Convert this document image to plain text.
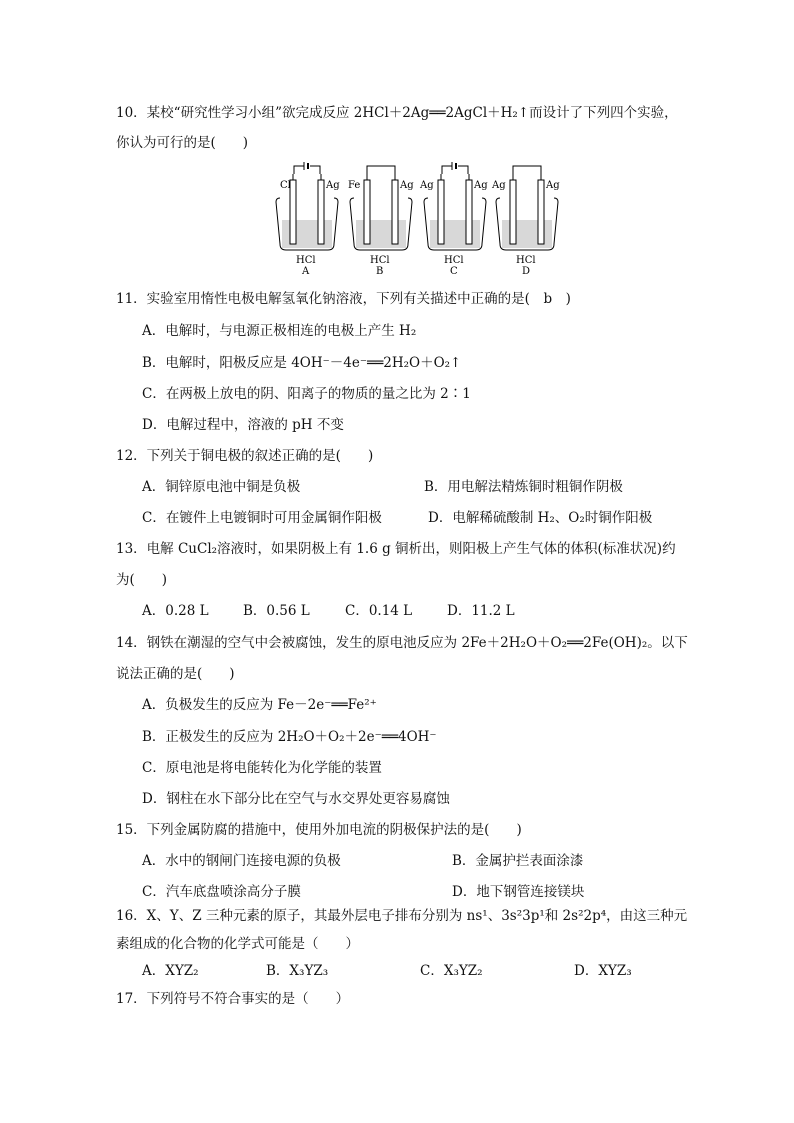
10．某校“研究性学习小组”欲完成反应 2HCl＋2Ag══2AgCl＋H₂↑而设计了下列四个实验，
你认为可行的是(　　)
Cl	Ag
HCl
A
Fe	Ag
HCl
B
Ag	Ag
HCl
C
Ag	Ag
HCl
D
11．实验室用惰性电极电解氢氧化钠溶液，下列有关描述中正确的是(　b　)
A．电解时，与电源正极相连的电极上产生 H₂
B．电解时，阳极反应是 4OH⁻－4e⁻══2H₂O＋O₂↑
C．在两极上放电的阴、阳离子的物质的量之比为 2∶1
D．电解过程中，溶液的 pH 不变
12．下列关于铜电极的叙述正确的是(　　)
A．铜锌原电池中铜是负极	B．用电解法精炼铜时粗铜作阴极
C．在镀件上电镀铜时可用金属铜作阳极	D．电解稀硫酸制 H₂、O₂时铜作阳极
13．电解 CuCl₂溶液时，如果阴极上有 1.6 g 铜析出，则阳极上产生气体的体积(标准状况)约
为(　　)
A．0.28 L	B．0.56 L	C．0.14 L	D．11.2 L
14．钢铁在潮湿的空气中会被腐蚀，发生的原电池反应为 2Fe＋2H₂O＋O₂══2Fe(OH)₂。以下
说法正确的是(　　)
A．负极发生的反应为 Fe－2e⁻══Fe²⁺
B．正极发生的反应为 2H₂O＋O₂＋2e⁻══4OH⁻
C．原电池是将电能转化为化学能的装置
D．钢柱在水下部分比在空气与水交界处更容易腐蚀
15．下列金属防腐的措施中，使用外加电流的阴极保护法的是(　　)
A．水中的钢闸门连接电源的负极	B．金属护拦表面涂漆
C．汽车底盘喷涂高分子膜	D．地下钢管连接镁块
16．X、Y、Z 三种元素的原子，其最外层电子排布分别为 ns¹、3s²3p¹和 2s²2p⁴，由这三种元
素组成的化合物的化学式可能是（　　）
A．XYZ₂	B．X₃YZ₃	C．X₃YZ₂	D．XYZ₃
17．下列符号不符合事实的是（　　）
